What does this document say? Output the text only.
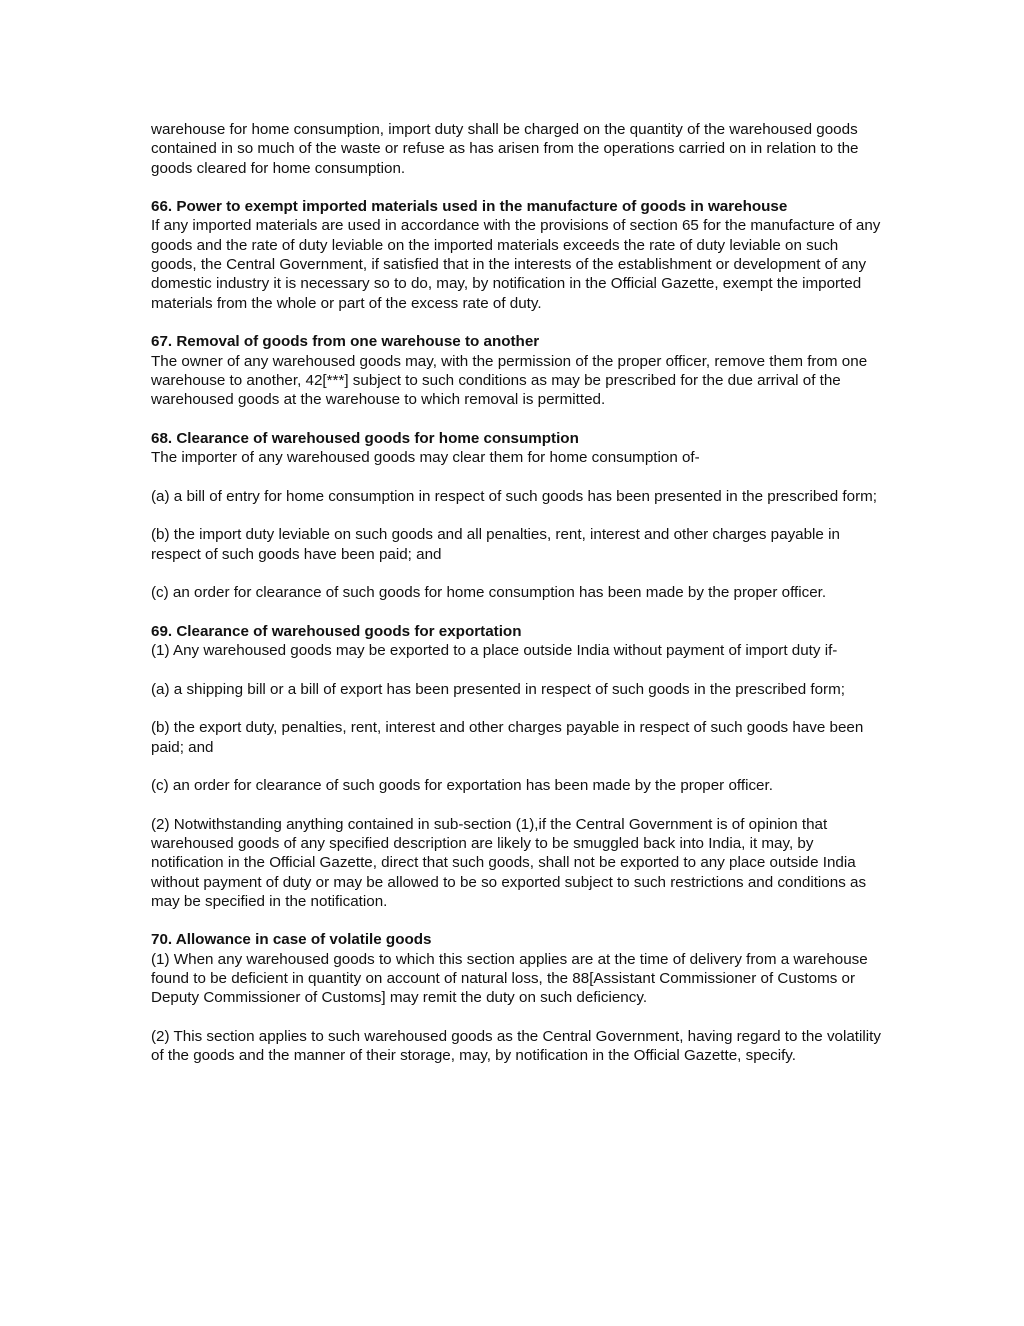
warehouse for home consumption, import duty shall be charged on the quantity of the warehoused goods contained in so much of the waste or refuse as has arisen from the operations carried on in relation to the goods cleared for home consumption.

66. Power to exempt imported materials used in the manufacture of goods in warehouse
If any imported materials are used in accordance with the provisions of section 65 for the manufacture of any goods and the rate of duty leviable on the imported materials exceeds the rate of duty leviable on such goods, the Central Government, if satisfied that in the interests of the establishment or development of any domestic industry it is necessary so to do, may, by notification in the Official Gazette, exempt the imported materials from the whole or part of the excess rate of duty.

67. Removal of goods from one warehouse to another
The owner of any warehoused goods may, with the permission of the proper officer, remove them from one warehouse to another, 42[***] subject to such conditions as may be prescribed for the due arrival of the warehoused goods at the warehouse to which removal is permitted.

68. Clearance of warehoused goods for home consumption
The importer of any warehoused goods may clear them for home consumption of-

(a) a bill of entry for home consumption in respect of such goods has been presented in the prescribed form;

(b) the import duty leviable on such goods and all penalties, rent, interest and other charges payable in respect of such goods have been paid; and

(c) an order for clearance of such goods for home consumption has been made by the proper officer.

69. Clearance of warehoused goods for exportation
(1) Any warehoused goods may be exported to a place outside India without payment of import duty if-

(a) a shipping bill or a bill of export has been presented in respect of such goods in the prescribed form;

(b) the export duty, penalties, rent, interest and other charges payable in respect of such goods have been paid; and

(c) an order for clearance of such goods for exportation has been made by the proper officer.

(2) Notwithstanding anything contained in sub-section (1),if the Central Government is of opinion that warehoused goods of any specified description are likely to be smuggled back into India, it may, by notification in the Official Gazette, direct that such goods, shall not be exported to any place outside India without payment of duty or may be allowed to be so exported subject to such restrictions and conditions as may be specified in the notification.

70. Allowance in case of volatile goods
(1) When any warehoused goods to which this section applies are at the time of delivery from a warehouse found to be deficient in quantity on account of natural loss, the 88[Assistant Commissioner of Customs or Deputy Commissioner of Customs] may remit the duty on such deficiency.

(2) This section applies to such warehoused goods as the Central Government, having regard to the volatility of the goods and the manner of their storage, may, by notification in the Official Gazette, specify.
